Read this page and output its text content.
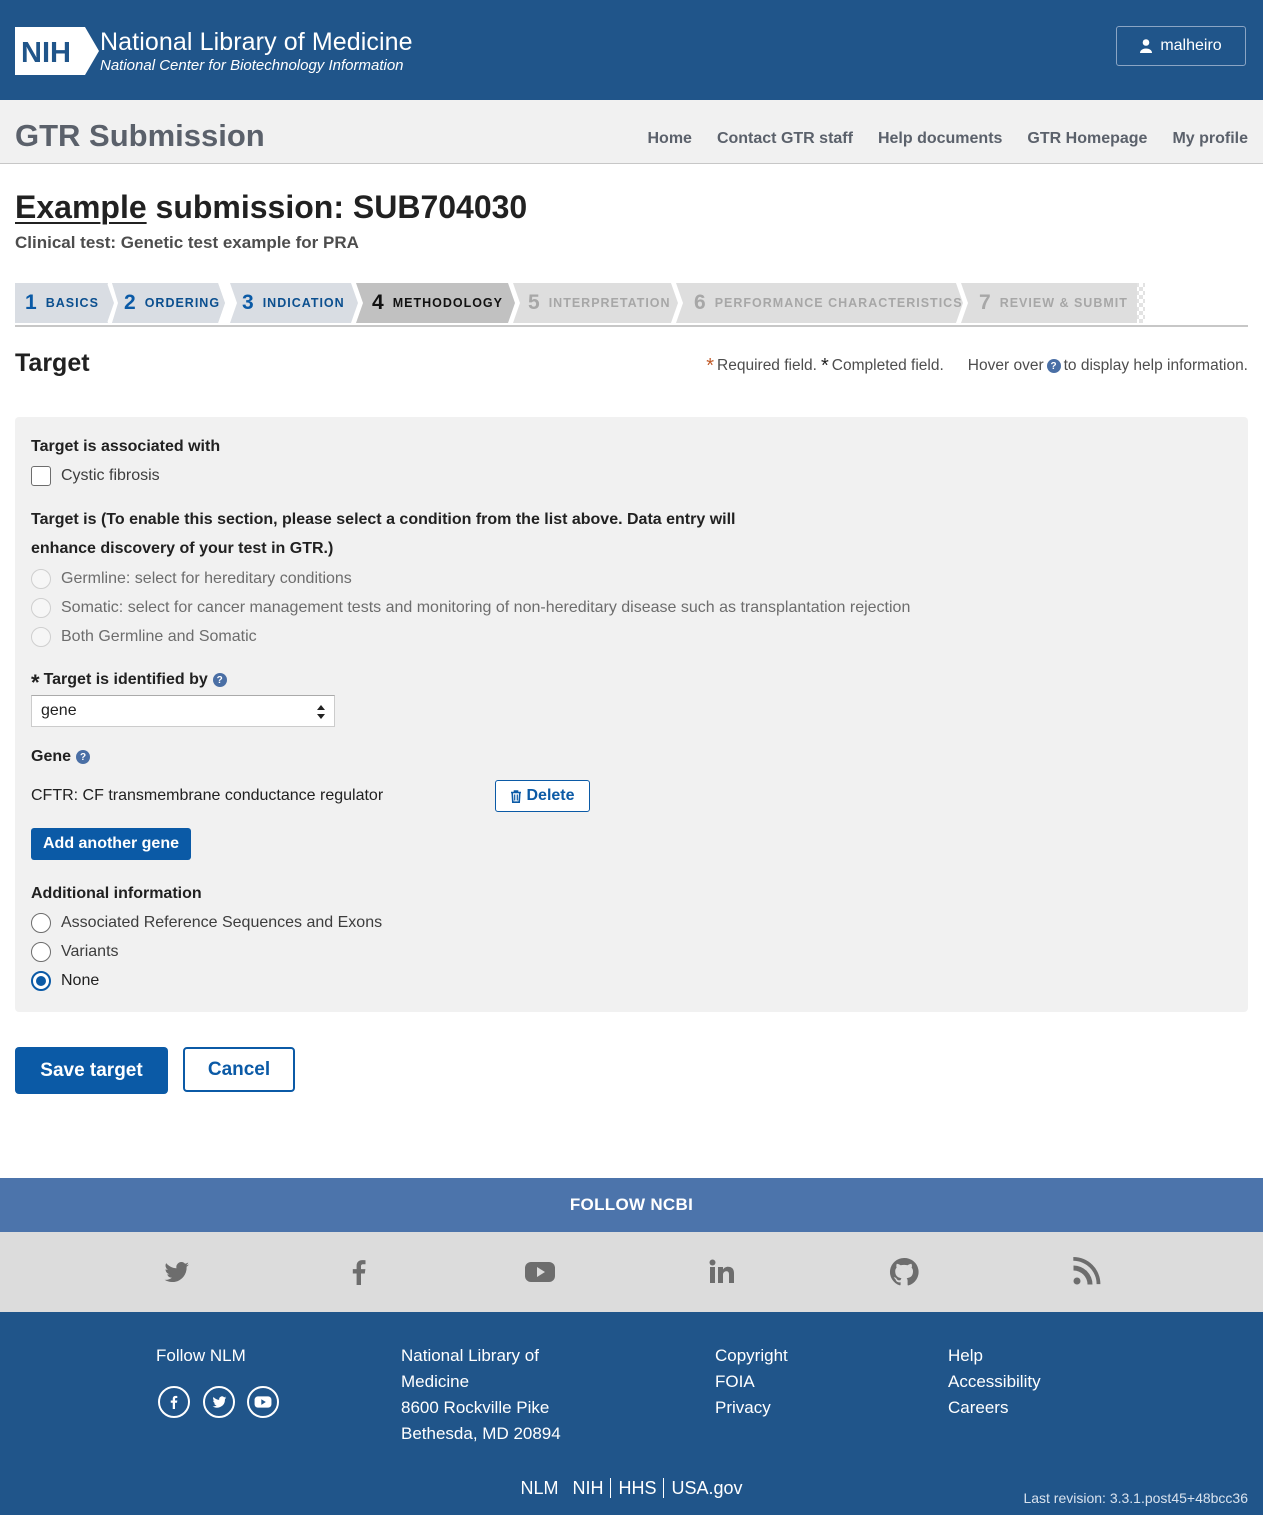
NIH National Library of Medicine
National Center for Biotechnology Information
malheiro
GTR Submission	Home Contact GTR staff Help documents GTR Homepage My profile
Example submission: SUB704030
Clinical test: Genetic test example for PRA
1 BASICS 2 ORDERING 3 INDICATION 4 METHODOLOGY 5 INTERPRETATION 6 PERFORMANCE CHARACTERISTICS 7 REVIEW & SUBMIT
Target	* Required field. * Completed field. Hover over ? to display help information.
Target is associated with
Cystic fibrosis
Target is (To enable this section, please select a condition from the list above. Data entry will
enhance discovery of your test in GTR.)
Germline: select for hereditary conditions
Somatic: select for cancer management tests and monitoring of non-hereditary disease such as transplantation rejection
Both Germline and Somatic
* Target is identified by ?
gene
Gene ?
CFTR: CF transmembrane conductance regulator	Delete
Add another gene
Additional information
Associated Reference Sequences and Exons
Variants
None
Save target	Cancel
FOLLOW NCBI
Follow NLM	National Library of
Medicine
8600 Rockville Pike
Bethesda, MD 20894
Copyright
FOIA
Privacy
Help
Accessibility
Careers
NLM NIH HHS USA.gov	Last revision: 3.3.1.post45+48bcc36
